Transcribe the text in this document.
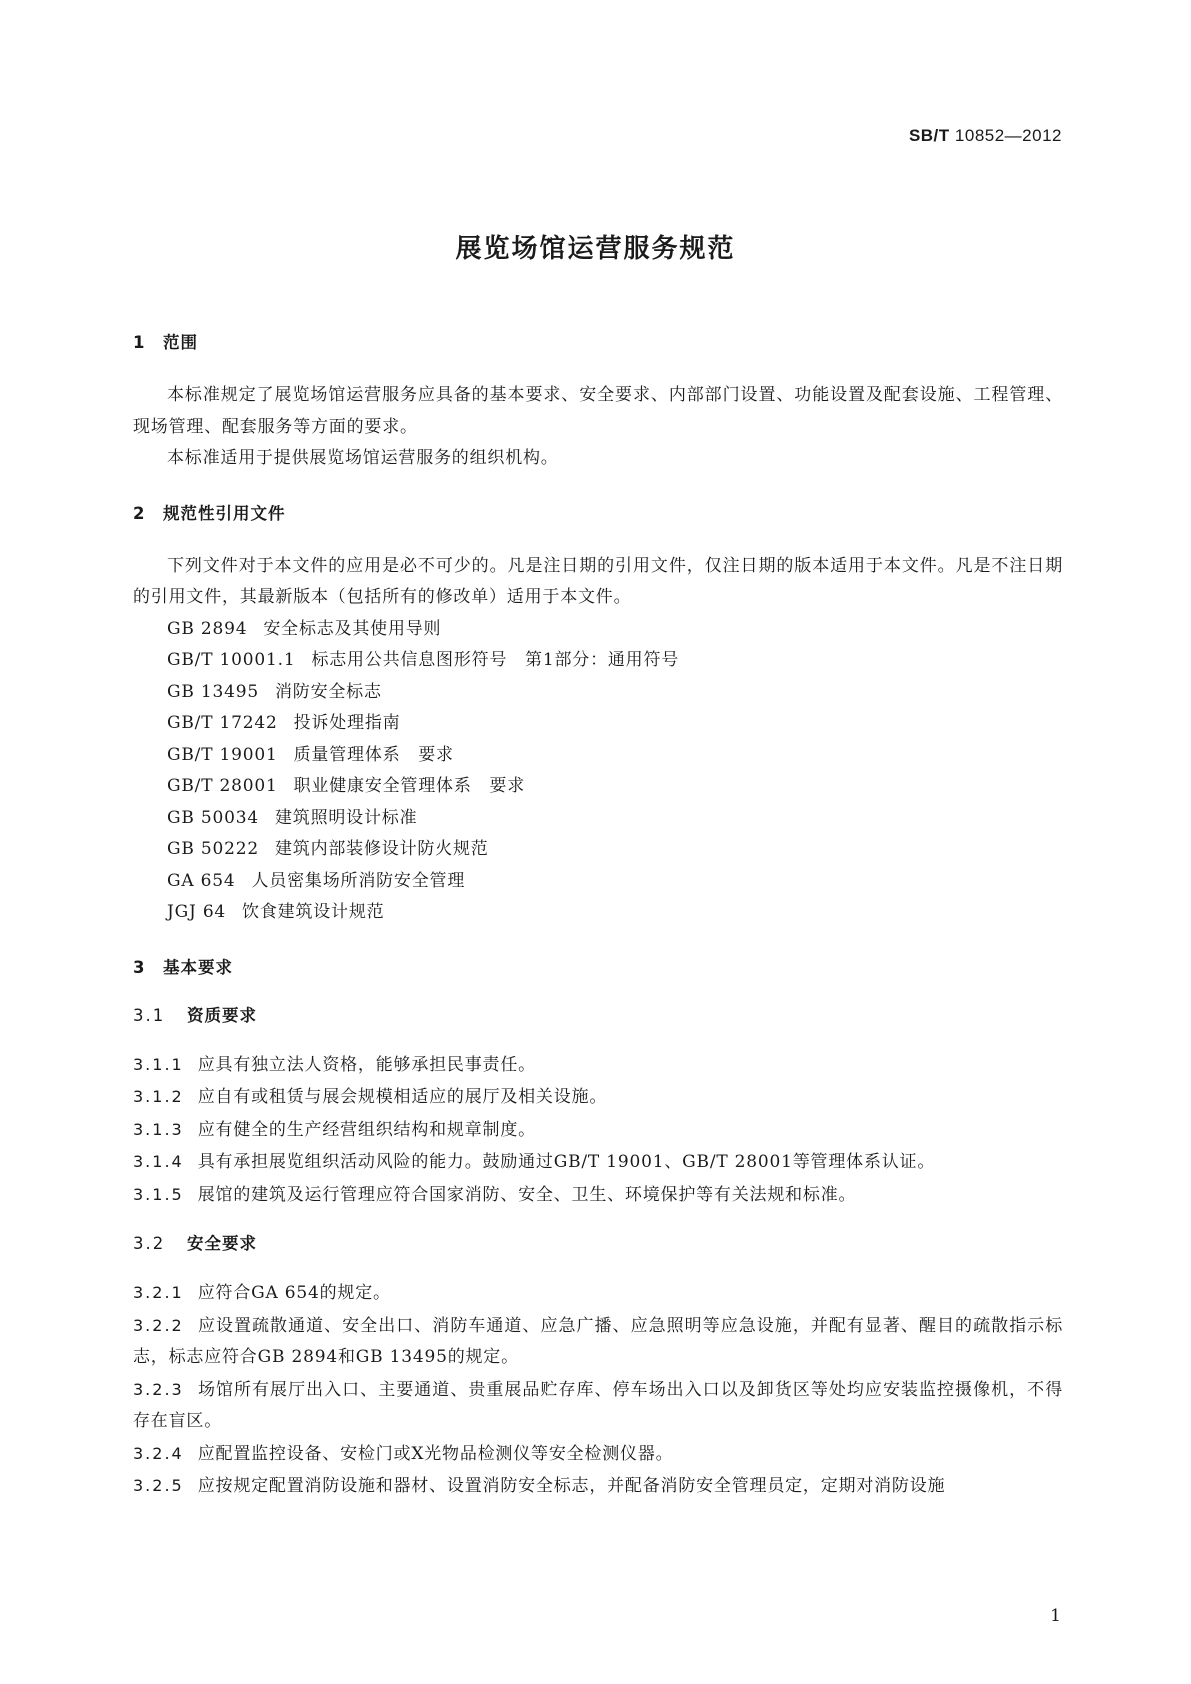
SB/T 10852—2012
展览场馆运营服务规范
1 范围
本标准规定了展览场馆运营服务应具备的基本要求、安全要求、内部部门设置、功能设置及配套设施、工程管理、现场管理、配套服务等方面的要求。
本标准适用于提供展览场馆运营服务的组织机构。
2 规范性引用文件
下列文件对于本文件的应用是必不可少的。凡是注日期的引用文件，仅注日期的版本适用于本文件。凡是不注日期的引用文件，其最新版本（包括所有的修改单）适用于本文件。
GB 2894 安全标志及其使用导则
GB/T 10001.1 标志用公共信息图形符号　第1部分：通用符号
GB 13495 消防安全标志
GB/T 17242 投诉处理指南
GB/T 19001 质量管理体系　要求
GB/T 28001 职业健康安全管理体系　要求
GB 50034 建筑照明设计标准
GB 50222 建筑内部装修设计防火规范
GA 654 人员密集场所消防安全管理
JGJ 64 饮食建筑设计规范
3 基本要求
3.1 资质要求
3.1.1 应具有独立法人资格，能够承担民事责任。
3.1.2 应自有或租赁与展会规模相适应的展厅及相关设施。
3.1.3 应有健全的生产经营组织结构和规章制度。
3.1.4 具有承担展览组织活动风险的能力。鼓励通过GB/T 19001、GB/T 28001等管理体系认证。
3.1.5 展馆的建筑及运行管理应符合国家消防、安全、卫生、环境保护等有关法规和标准。
3.2 安全要求
3.2.1 应符合GA 654的规定。
3.2.2 应设置疏散通道、安全出口、消防车通道、应急广播、应急照明等应急设施，并配有显著、醒目的疏散指示标志，标志应符合GB 2894和GB 13495的规定。
3.2.3 场馆所有展厅出入口、主要通道、贵重展品贮存库、停车场出入口以及卸货区等处均应安装监控摄像机，不得存在盲区。
3.2.4 应配置监控设备、安检门或X光物品检测仪等安全检测仪器。
3.2.5 应按规定配置消防设施和器材、设置消防安全标志，并配备消防安全管理员定，定期对消防设施
1
